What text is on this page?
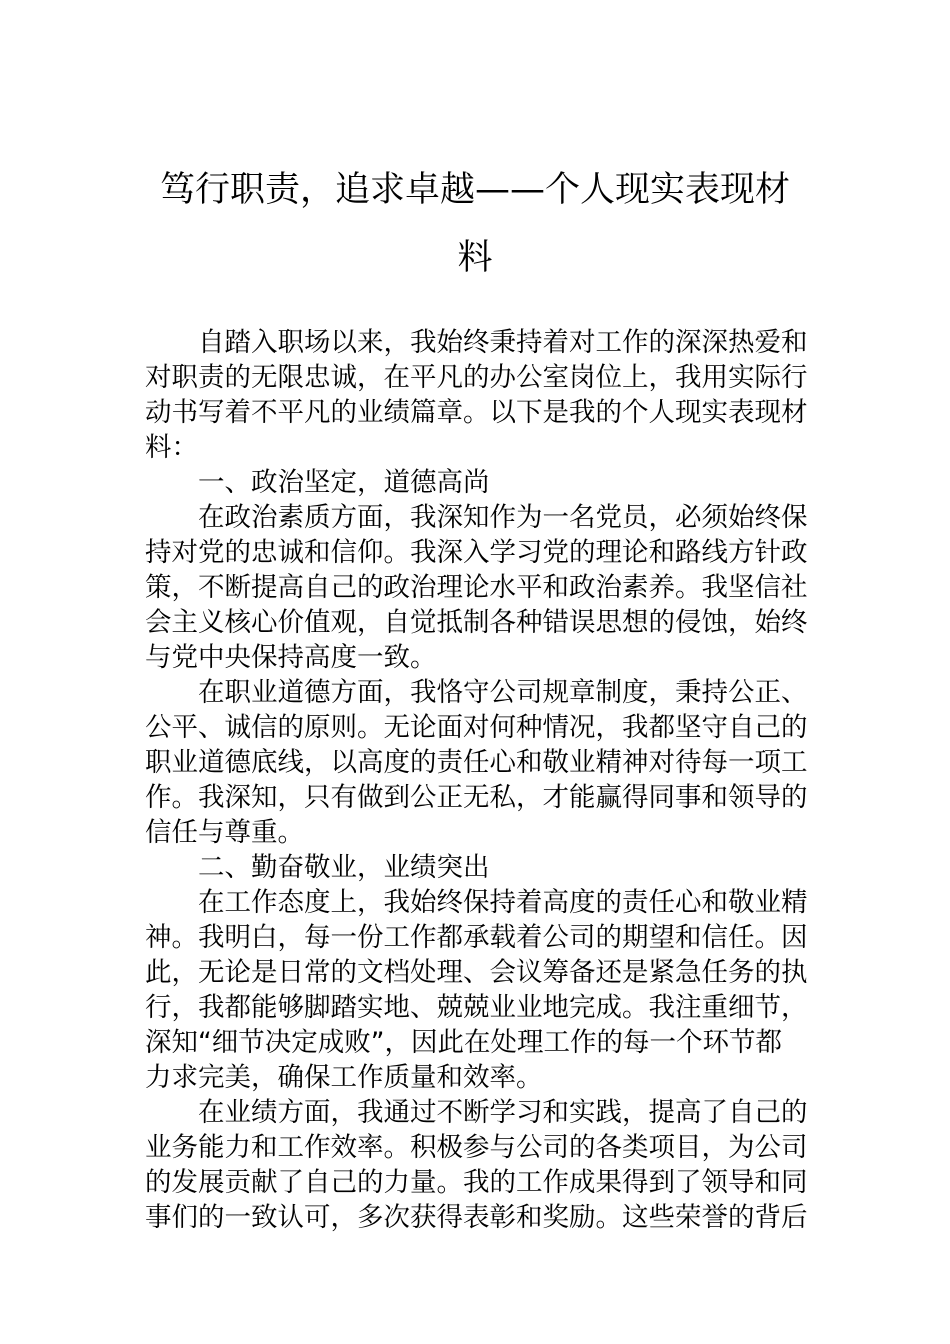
笃行职责，追求卓越——个人现实表现材
料
　　自踏入职场以来，我始终秉持着对工作的深深热爱和
对职责的无限忠诚，在平凡的办公室岗位上，我用实际行
动书写着不平凡的业绩篇章。以下是我的个人现实表现材
料：
　　一、政治坚定，道德高尚
　　在政治素质方面，我深知作为一名党员，必须始终保
持对党的忠诚和信仰。我深入学习党的理论和路线方针政
策，不断提高自己的政治理论水平和政治素养。我坚信社
会主义核心价值观，自觉抵制各种错误思想的侵蚀，始终
与党中央保持高度一致。
　　在职业道德方面，我恪守公司规章制度，秉持公正、
公平、诚信的原则。无论面对何种情况，我都坚守自己的
职业道德底线，以高度的责任心和敬业精神对待每一项工
作。我深知，只有做到公正无私，才能赢得同事和领导的
信任与尊重。
　　二、勤奋敬业，业绩突出
　　在工作态度上，我始终保持着高度的责任心和敬业精
神。我明白，每一份工作都承载着公司的期望和信任。因
此，无论是日常的文档处理、会议筹备还是紧急任务的执
行，我都能够脚踏实地、兢兢业业地完成。我注重细节，
深知“细节决定成败”，因此在处理工作的每一个环节都
力求完美，确保工作质量和效率。
　　在业绩方面，我通过不断学习和实践，提高了自己的
业务能力和工作效率。积极参与公司的各类项目，为公司
的发展贡献了自己的力量。我的工作成果得到了领导和同
事们的一致认可，多次获得表彰和奖励。这些荣誉的背后
